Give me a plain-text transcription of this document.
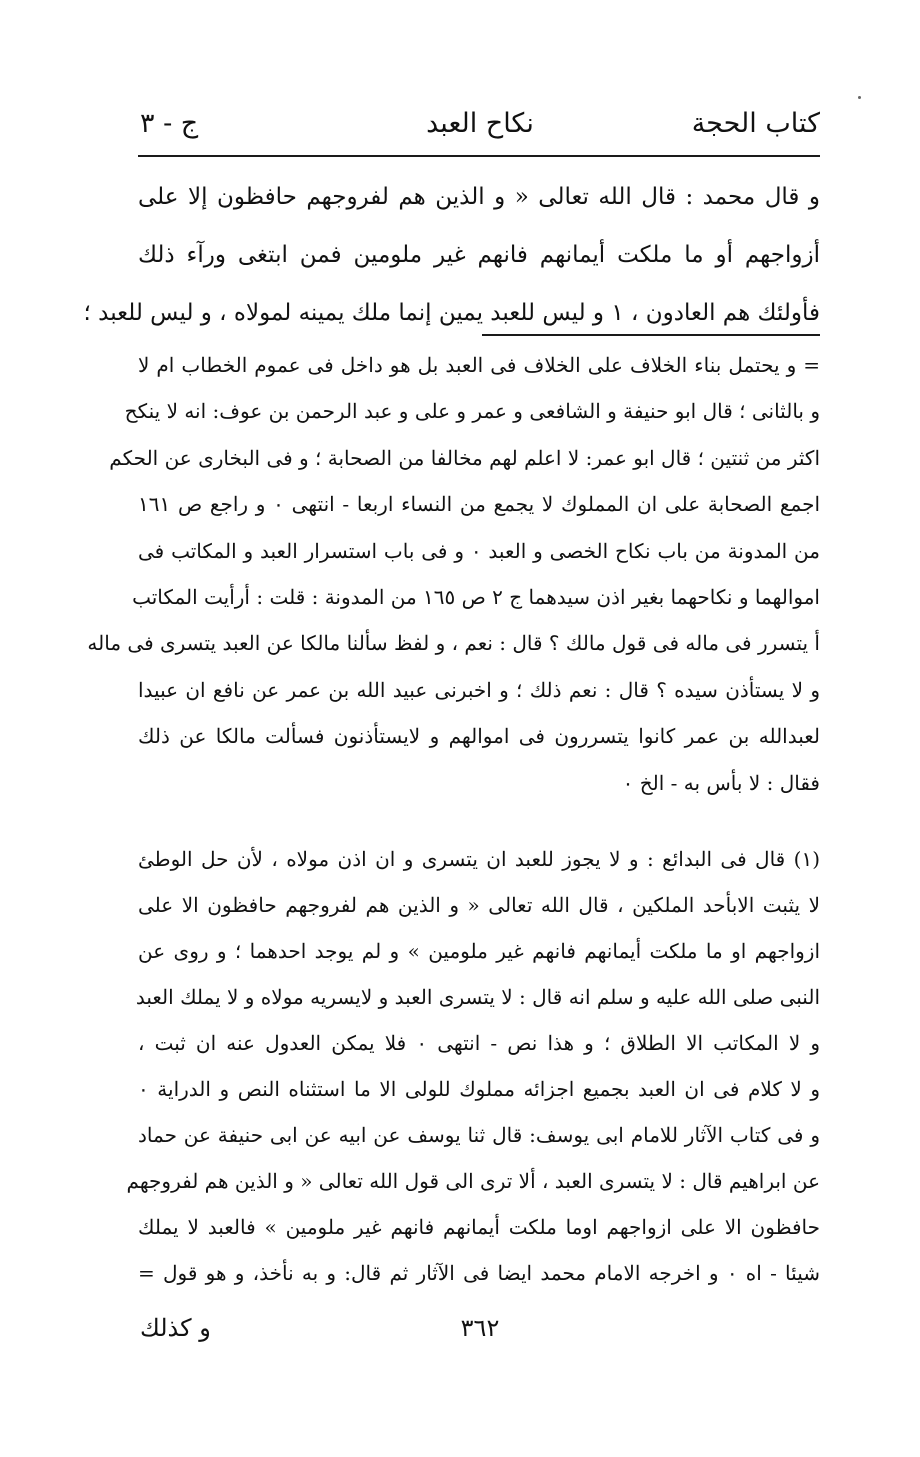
كتاب الحجة
نكاح العبد
ج - ٣
و قال محمد : قال الله تعالى « و الذين هم لفروجهم حافظون إلا على
أزواجهم أو ما ملكت أيمانهم فانهم غير ملومين فمن ابتغى ورآء ذلك
فأولئك هم العادون ، ١ و ليس للعبد يمين إنما ملك يمينه لمولاه ، و ليس للعبد ؛
= و يحتمل بناء الخلاف على الخلاف فى العبد بل هو داخل فى عموم الخطاب ام لا
و بالثانى ؛ قال ابو حنيفة و الشافعى و عمر و على و عبد الرحمن بن عوف: انه لا ينكح
اكثر من ثنتين ؛ قال ابو عمر: لا اعلم لهم مخالفا من الصحابة ؛ و فى البخارى عن الحكم
اجمع الصحابة على ان المملوك لا يجمع من النساء اربعا - انتهى ٠ و راجع ص ١٦١
من المدونة من باب نكاح الخصى و العبد ٠ و فى باب استسرار العبد و المكاتب فى
اموالهما و نكاحهما بغير اذن سيدهما ج ٢ ص ١٦٥ من المدونة : قلت : أرأيت المكاتب
أ يتسرر فى ماله فى قول مالك ؟ قال : نعم ، و لفظ سألنا مالكا عن العبد يتسرى فى ماله
و لا يستأذن سيده ؟ قال : نعم ذلك ؛ و اخبرنى عبيد الله بن عمر عن نافع ان عبيدا
لعبدالله بن عمر كانوا يتسررون فى اموالهم و لايستأذنون فسألت مالكا عن ذلك
فقال : لا بأس به - الخ ٠
(١) قال فى البدائع : و لا يجوز للعبد ان يتسرى و ان اذن مولاه ، لأن حل الوطئ
لا يثبت الابأحد الملكين ، قال الله تعالى « و الذين هم لفروجهم حافظون الا على
ازواجهم او ما ملكت أيمانهم فانهم غير ملومين » و لم يوجد احدهما ؛ و روى عن
النبى صلى الله عليه و سلم انه قال : لا يتسرى العبد و لايسريه مولاه و لا يملك العبد
و لا المكاتب الا الطلاق ؛ و هذا نص - انتهى ٠ فلا يمكن العدول عنه ان ثبت ،
و لا كلام فى ان العبد بجميع اجزائه مملوك للولى الا ما استثناه النص و الدراية ٠
و فى كتاب الآثار للامام ابى يوسف: قال ثنا يوسف عن ابيه عن ابى حنيفة عن حماد
عن ابراهيم قال : لا يتسرى العبد ، ألا ترى الى قول الله تعالى « و الذين هم لفروجهم
حافظون الا على ازواجهم اوما ملكت أيمانهم فانهم غير ملومين » فالعبد لا يملك
شيئا - اه ٠ و اخرجه الامام محمد ايضا فى الآثار ثم قال: و به نأخذ، و هو قول =
٣٦٢
و كذلك
